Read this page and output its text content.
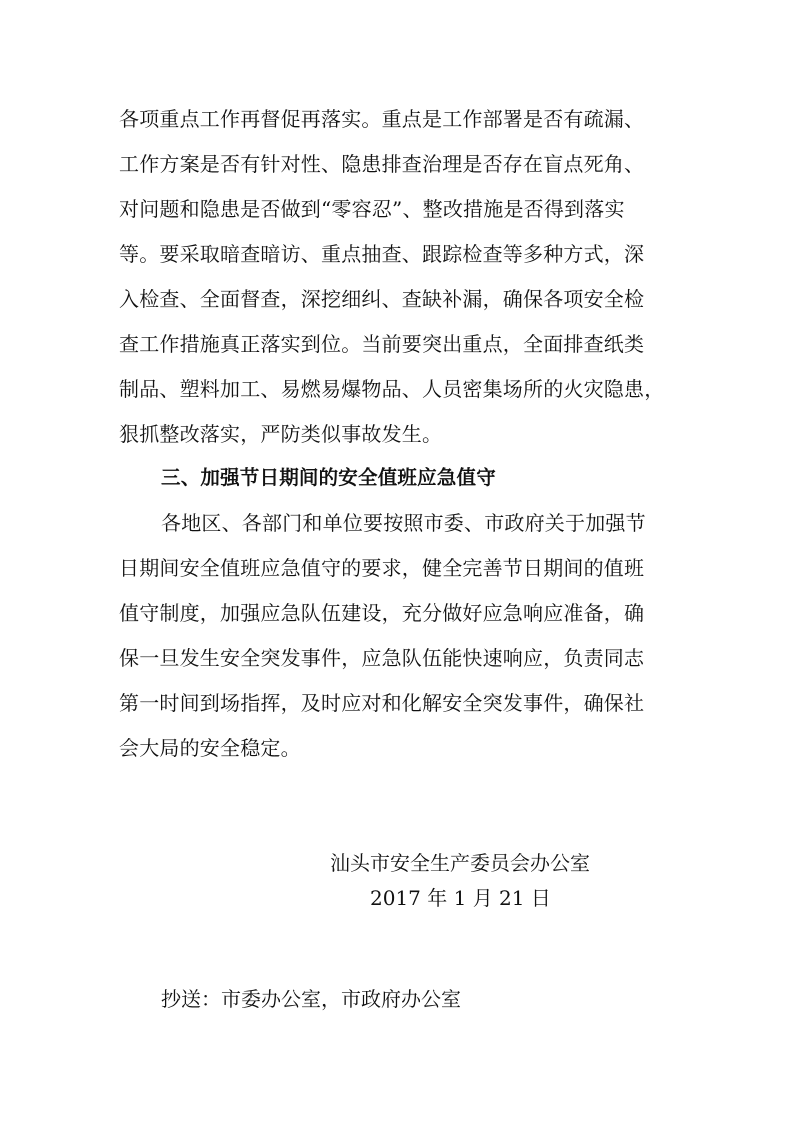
各项重点工作再督促再落实。重点是工作部署是否有疏漏、
工作方案是否有针对性、隐患排查治理是否存在盲点死角、
对问题和隐患是否做到“零容忍”、整改措施是否得到落实
等。要采取暗查暗访、重点抽查、跟踪检查等多种方式，深
入检查、全面督查，深挖细纠、查缺补漏，确保各项安全检
查工作措施真正落实到位。当前要突出重点，全面排查纸类
制品、塑料加工、易燃易爆物品、人员密集场所的火灾隐患，
狠抓整改落实，严防类似事故发生。
三、加强节日期间的安全值班应急值守
各地区、各部门和单位要按照市委、市政府关于加强节
日期间安全值班应急值守的要求，健全完善节日期间的值班
值守制度，加强应急队伍建设，充分做好应急响应准备，确
保一旦发生安全突发事件，应急队伍能快速响应，负责同志
第一时间到场指挥，及时应对和化解安全突发事件，确保社
会大局的安全稳定。
汕头市安全生产委员会办公室
2017 年 1 月 21 日
抄送：市委办公室，市政府办公室
